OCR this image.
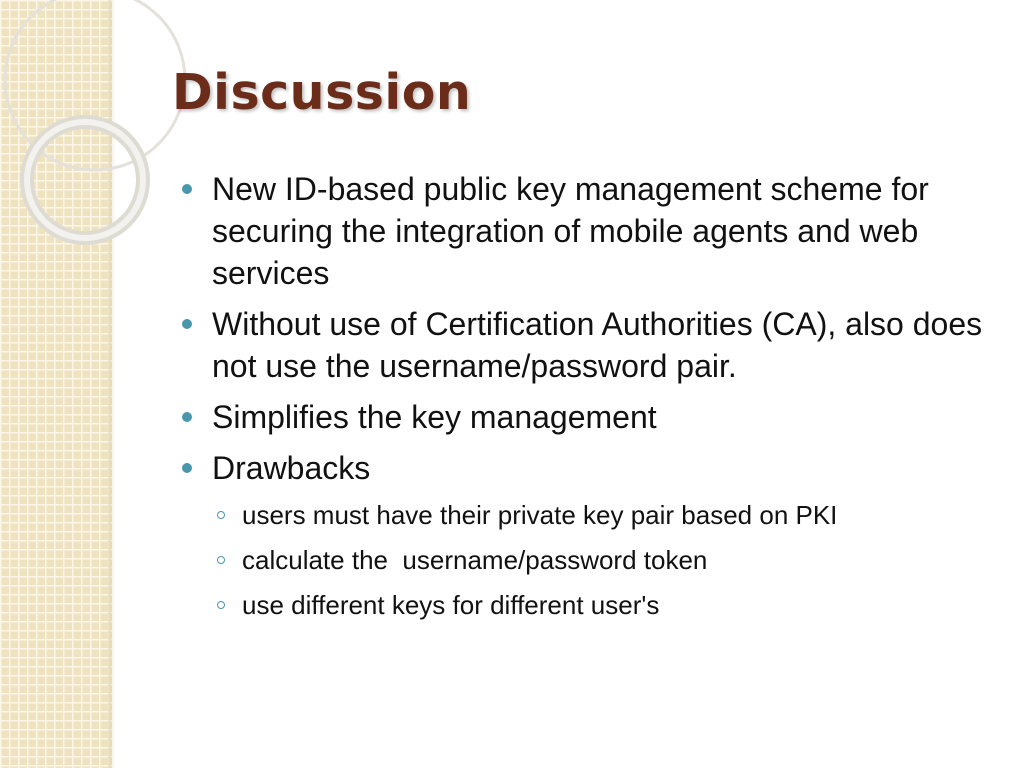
Discussion
New ID-based public key management scheme for securing the integration of mobile agents and web services
Without use of Certification Authorities (CA), also does not use the username/password pair.
Simplifies the key management
Drawbacks
users must have their private key pair based on PKI
calculate the  username/password token
use different keys for different user's
